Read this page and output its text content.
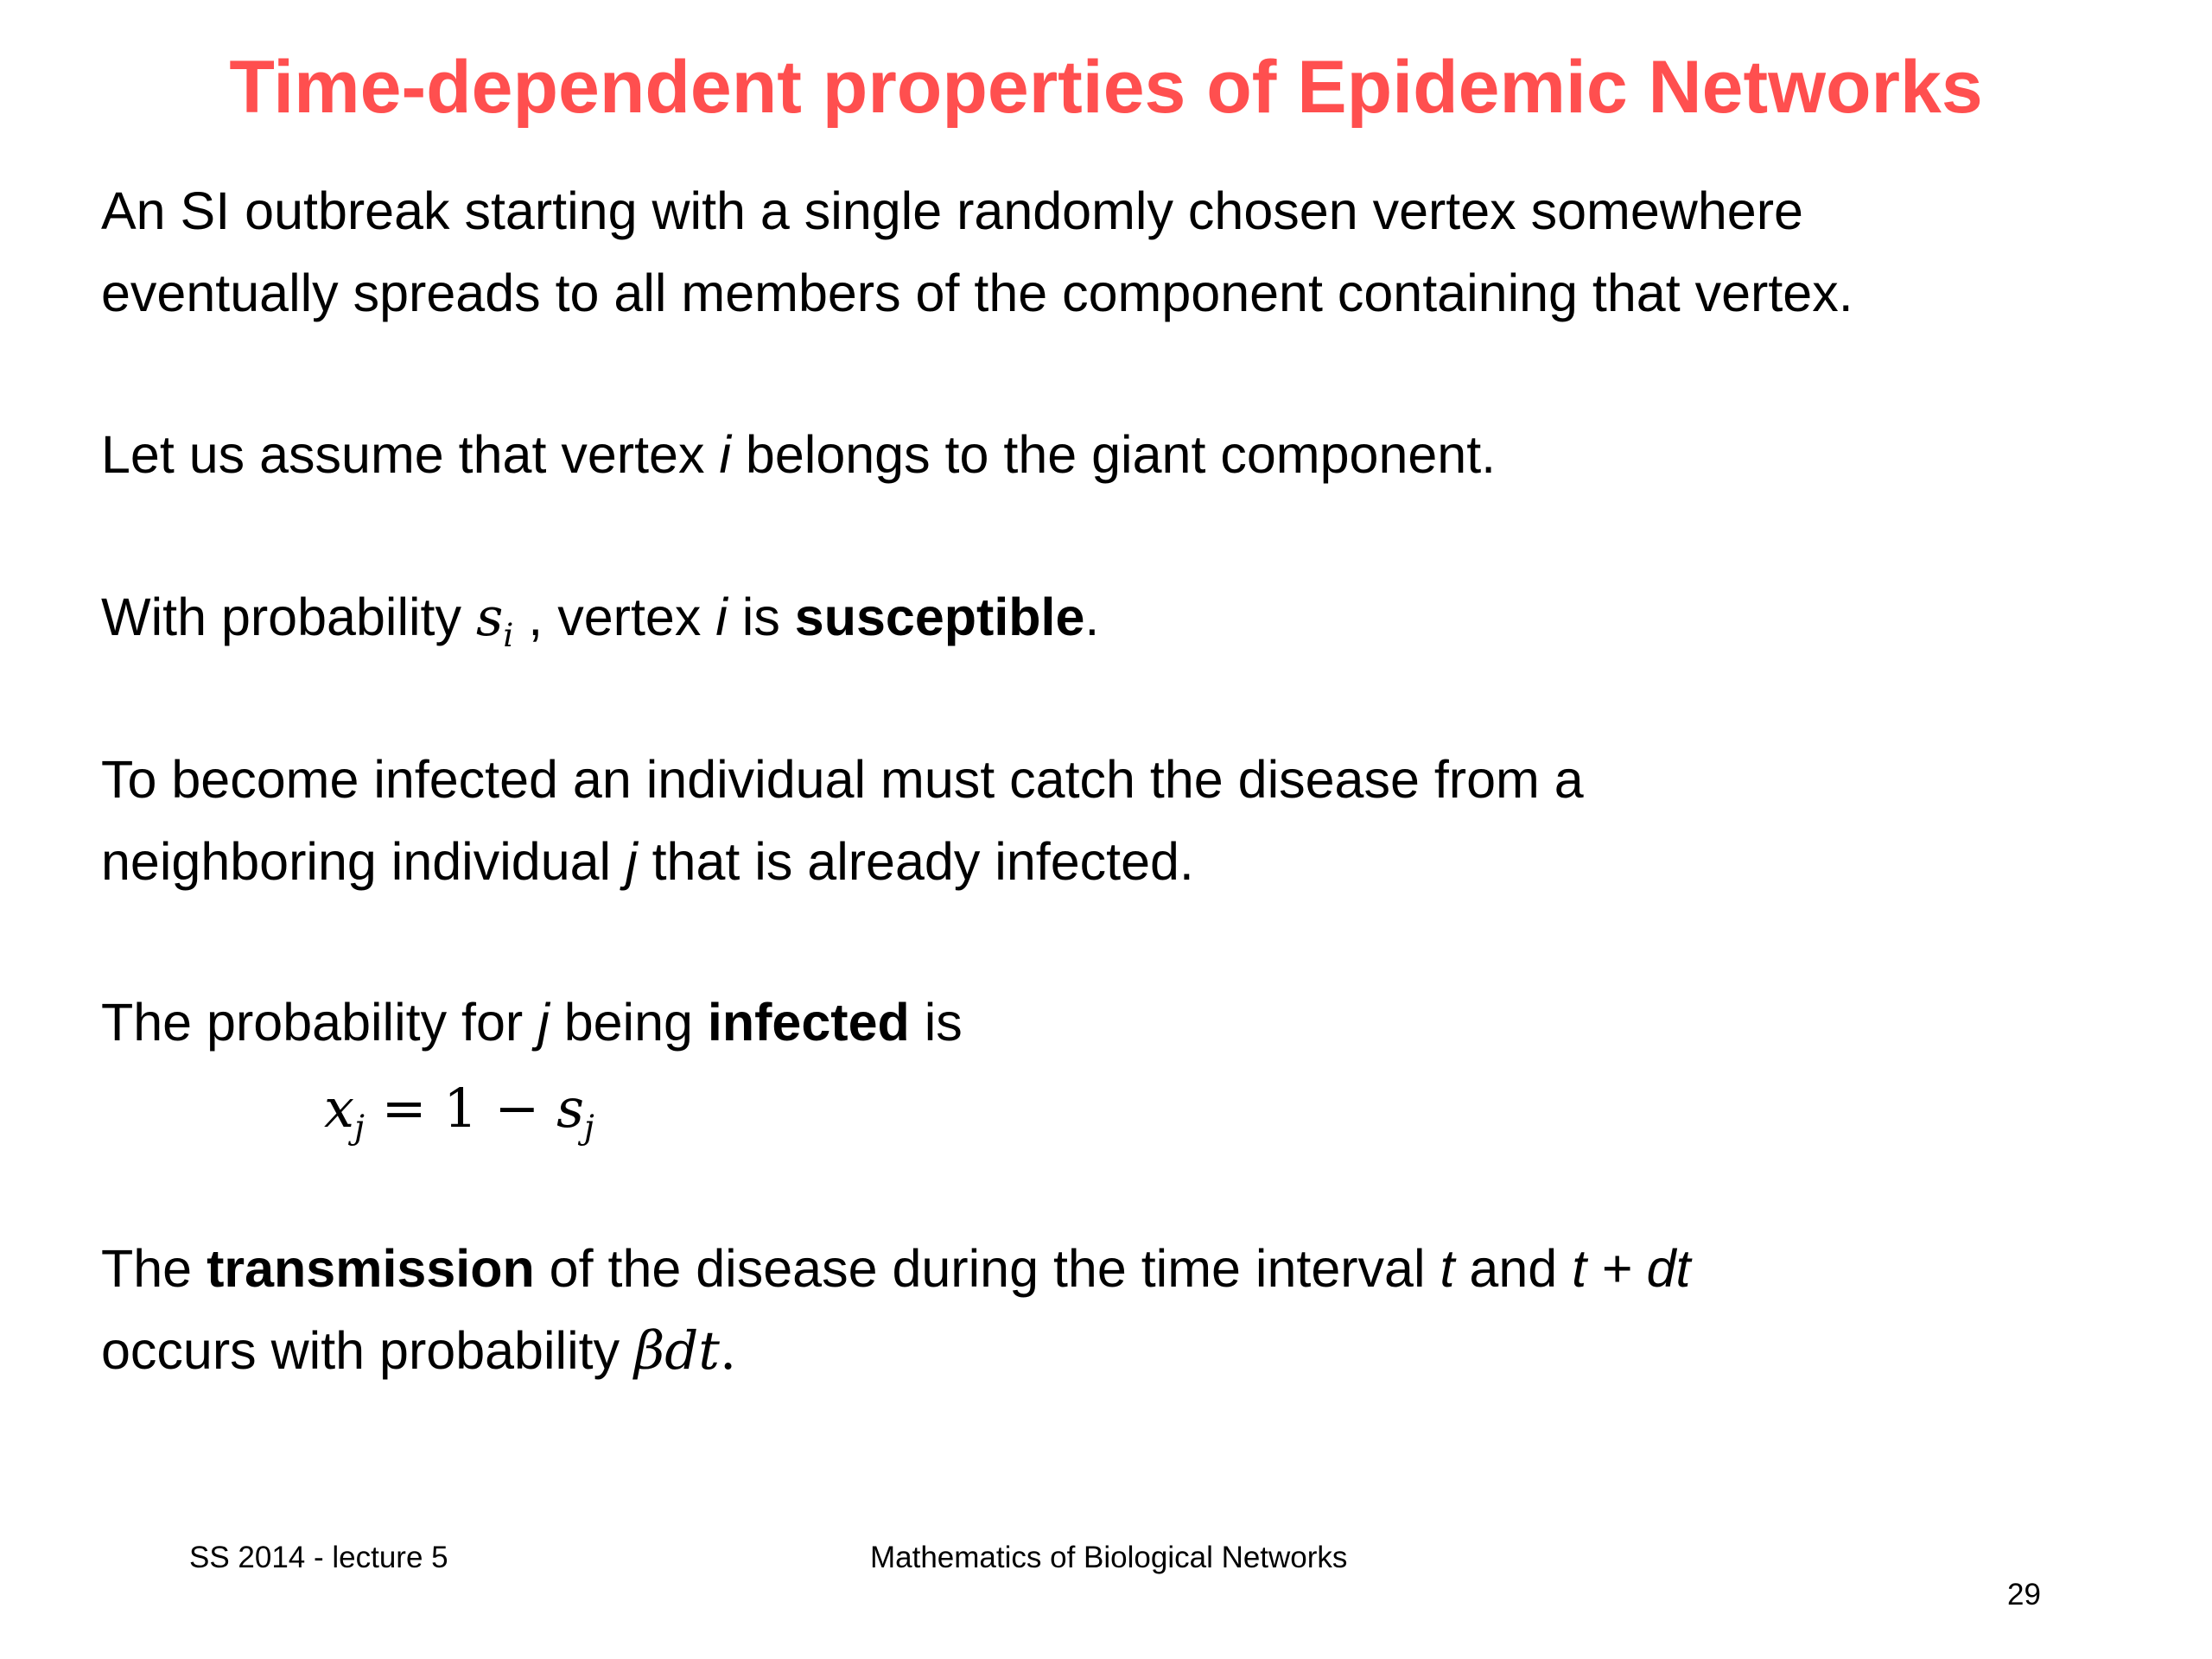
Time-dependent properties of Epidemic Networks
An SI outbreak starting with a single randomly chosen vertex somewhere
eventually spreads to all members of the component containing that vertex.
Let us assume that vertex i belongs to the giant component.
With probability $s_i$ , vertex i is susceptible.
To become infected an individual must catch the disease from a
neighboring individual j that is already infected.
The probability for j being infected is
$x_j = 1 - s_j$
The transmission of the disease during the time interval t and t + dt
occurs with probability βdt.
SS 2014 - lecture 5	Mathematics of Biological Networks
29
